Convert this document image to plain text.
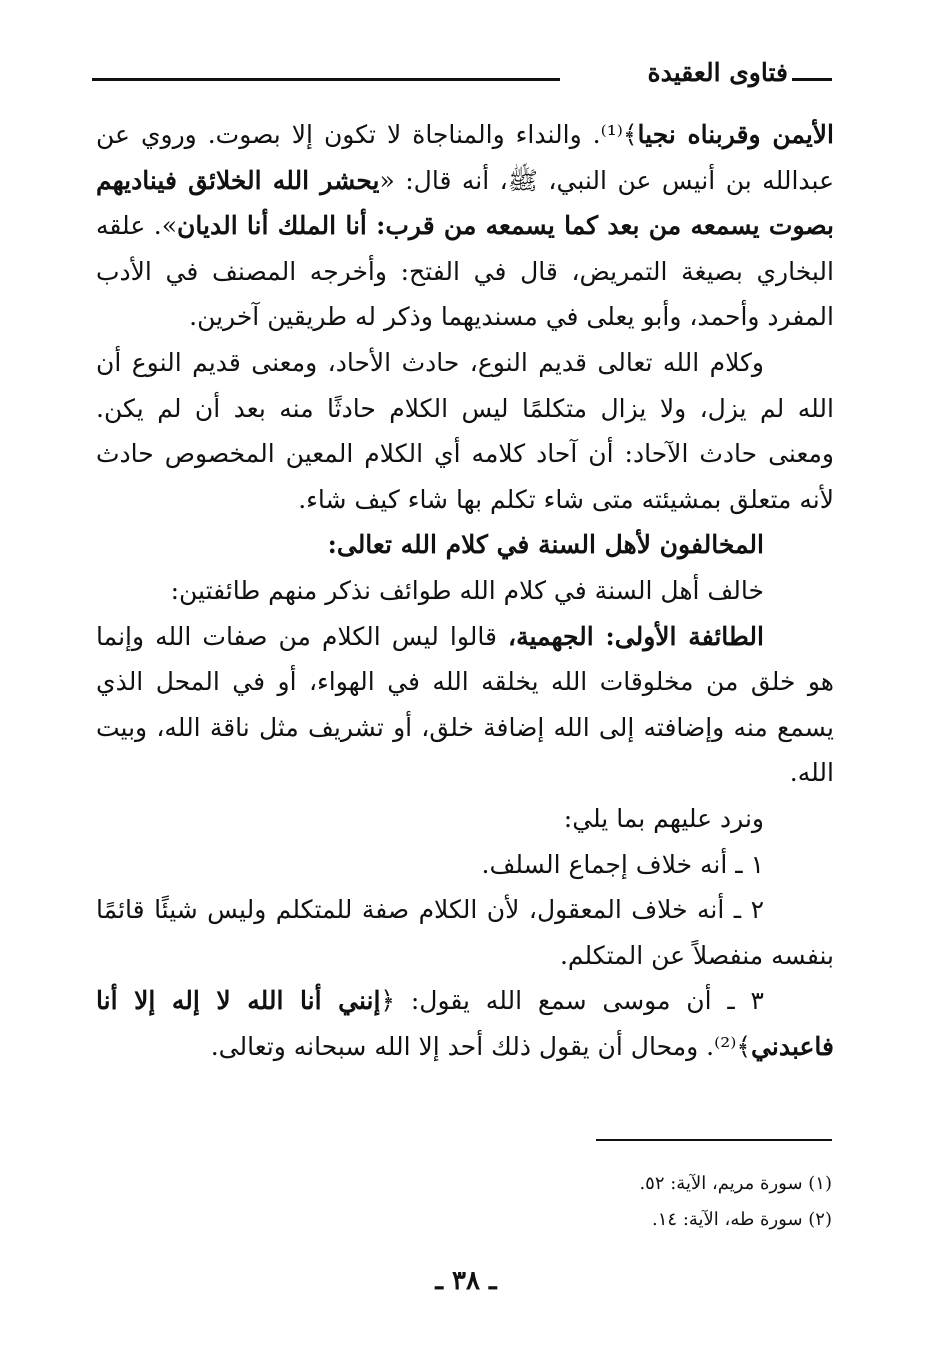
فتاوى العقيدة

الأيمن وقربناه نجيا﴾⁽¹⁾. والنداء والمناجاة لا تكون إلا بصوت. وروي عن عبدالله بن أنيس عن النبي، ﷺ، أنه قال: «يحشر الله الخلائق فيناديهم بصوت يسمعه من بعد كما يسمعه من قرب: أنا الملك أنا الديان». علقه البخاري بصيغة التمريض، قال في الفتح: وأخرجه المصنف في الأدب المفرد وأحمد، وأبو يعلى في مسنديهما وذكر له طريقين آخرين.

وكلام الله تعالى قديم النوع، حادث الأحاد، ومعنى قديم النوع أن الله لم يزل، ولا يزال متكلمًا ليس الكلام حادثًا منه بعد أن لم يكن. ومعنى حادث الآحاد: أن آحاد كلامه أي الكلام المعين المخصوص حادث لأنه متعلق بمشيئته متى شاء تكلم بها شاء كيف شاء.

المخالفون لأهل السنة في كلام الله تعالى:

خالف أهل السنة في كلام الله طوائف نذكر منهم طائفتين:

الطائفة الأولى: الجهمية، قالوا ليس الكلام من صفات الله وإنما هو خلق من مخلوقات الله يخلقه الله في الهواء، أو في المحل الذي يسمع منه وإضافته إلى الله إضافة خلق، أو تشريف مثل ناقة الله، وبيت الله.

ونرد عليهم بما يلي:

١ ـ أنه خلاف إجماع السلف.

٢ ـ أنه خلاف المعقول، لأن الكلام صفة للمتكلم وليس شيئًا قائمًا بنفسه منفصلاً عن المتكلم.

٣ ـ أن موسى سمع الله يقول: ﴿إنني أنا الله لا إله إلا أنا فاعبدني﴾⁽²⁾. ومحال أن يقول ذلك أحد إلا الله سبحانه وتعالى.

(١) سورة مريم، الآية: ٥٢.

(٢) سورة طه، الآية: ١٤.

ـ ٣٨ ـ
